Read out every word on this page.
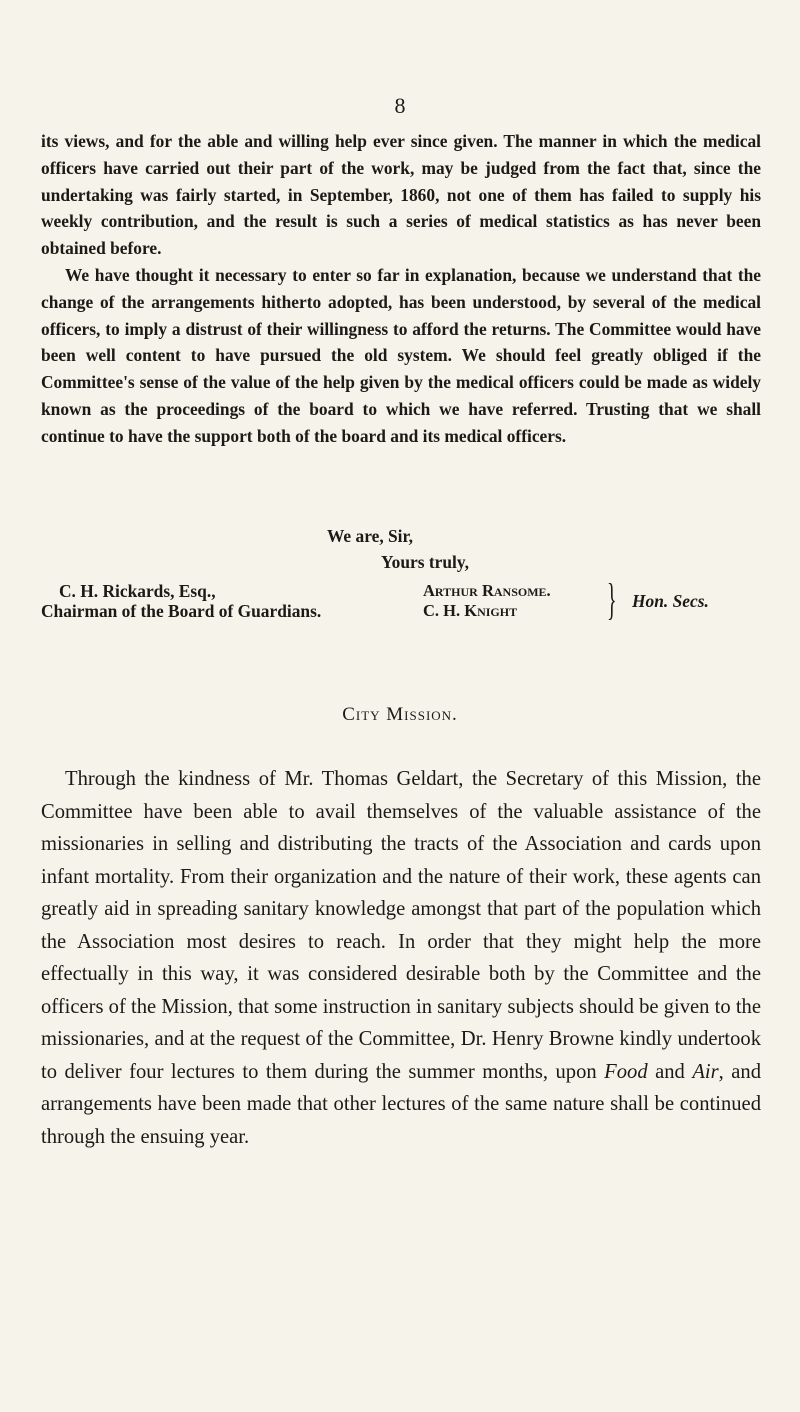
8

its views, and for the able and willing help ever since given. The manner in which the medical officers have carried out their part of the work, may be judged from the fact that, since the undertaking was fairly started, in September, 1860, not one of them has failed to supply his weekly contribution, and the result is such a series of medical statistics as has never been obtained before.

We have thought it necessary to enter so far in explanation, because we understand that the change of the arrangements hitherto adopted, has been understood, by several of the medical officers, to imply a distrust of their willingness to afford the returns. The Committee would have been well content to have pursued the old system. We should feel greatly obliged if the Committee's sense of the value of the help given by the medical officers could be made as widely known as the proceedings of the board to which we have referred. Trusting that we shall continue to have the support both of the board and its medical officers.

We are, Sir,
Yours truly,
C. H. Rickards, Esq.,
Chairman of the Board of Guardians.
Arthur Ransome.
C. H. Knight	} Hon. Secs.
City Mission.

Through the kindness of Mr. Thomas Geldart, the Secretary of this Mission, the Committee have been able to avail themselves of the valuable assistance of the missionaries in selling and distributing the tracts of the Association and cards upon infant mortality. From their organization and the nature of their work, these agents can greatly aid in spreading sanitary knowledge amongst that part of the population which the Association most desires to reach. In order that they might help the more effectually in this way, it was considered desirable both by the Committee and the officers of the Mission, that some instruction in sanitary subjects should be given to the missionaries, and at the request of the Committee, Dr. Henry Browne kindly undertook to deliver four lectures to them during the summer months, upon Food and Air, and arrangements have been made that other lectures of the same nature shall be continued through the ensuing year.
